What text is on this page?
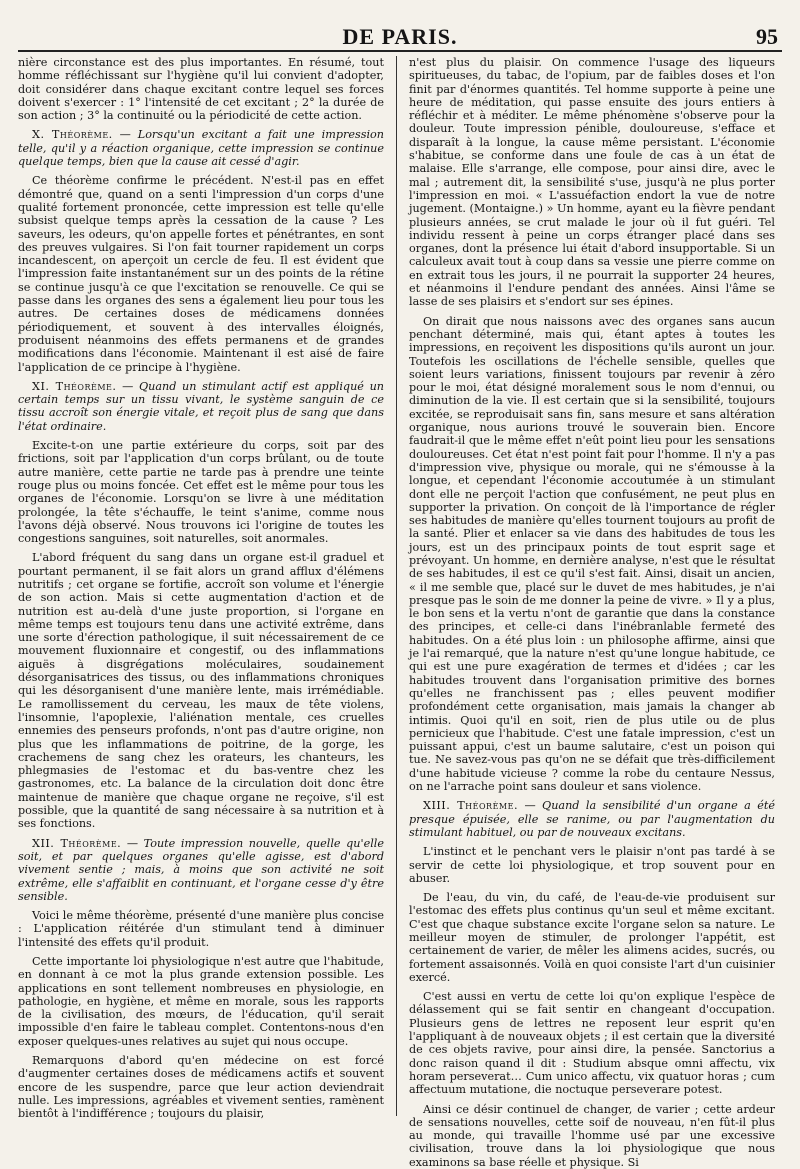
DE PARIS.	95

nière circonstance est des plus importantes. En résumé, tout homme réfléchissant sur l'hygiène qu'il lui convient d'adopter, doit considérer dans chaque excitant contre lequel ses forces doivent s'exercer : 1° l'intensité de cet excitant ; 2° la durée de son action ; 3° la continuité ou la périodicité de cette action.

X. Théorème. — Lorsqu'un excitant a fait une impression telle, qu'il y a réaction organique, cette impression se continue quelque temps, bien que la cause ait cessé d'agir.

Ce théorème confirme le précédent. N'est-il pas en effet démontré que, quand on a senti l'impression d'un corps d'une qualité fortement prononcée, cette impression est telle qu'elle subsist quelque temps après la cessation de la cause ? Les saveurs, les odeurs, qu'on appelle fortes et pénétrantes, en sont des preuves vulgaires. Si l'on fait tourner rapidement un corps incandescent, on aperçoit un cercle de feu. Il est évident que l'impression faite instantanément sur un des points de la rétine se continue jusqu'à ce que l'excitation se renouvelle. Ce qui se passe dans les organes des sens a également lieu pour tous les autres. De certaines doses de médicamens données périodiquement, et souvent à des intervalles éloignés, produisent néanmoins des effets permanens et de grandes modifications dans l'économie. Maintenant il est aisé de faire l'application de ce principe à l'hygiène.

XI. Théorème. — Quand un stimulant actif est appliqué un certain temps sur un tissu vivant, le système sanguin de ce tissu accroît son énergie vitale, et reçoit plus de sang que dans l'état ordinaire.

Excite-t-on une partie extérieure du corps, soit par des frictions, soit par l'application d'un corps brûlant, ou de toute autre manière, cette partie ne tarde pas à prendre une teinte rouge plus ou moins foncée. Cet effet est le même pour tous les organes de l'économie. Lorsqu'on se livre à une méditation prolongée, la tête s'échauffe, le teint s'anime, comme nous l'avons déjà observé. Nous trouvons ici l'origine de toutes les congestions sanguines, soit naturelles, soit anormales.

L'abord fréquent du sang dans un organe est-il graduel et pourtant permanent, il se fait alors un grand afflux d'élémens nutritifs ; cet organe se fortifie, accroît son volume et l'énergie de son action. Mais si cette augmentation d'action et de nutrition est au-delà d'une juste proportion, si l'organe en même temps est toujours tenu dans une activité extrême, dans une sorte d'érection pathologique, il suit nécessairement de ce mouvement fluxionnaire et congestif, ou des inflammations aiguës à disgrégations moléculaires, soudainement désorganisatrices des tissus, ou des inflammations chroniques qui les désorganisent d'une manière lente, mais irrémédiable. Le ramollissement du cerveau, les maux de tête violens, l'insomnie, l'apoplexie, l'aliénation mentale, ces cruelles ennemies des penseurs profonds, n'ont pas d'autre origine, non plus que les inflammations de poitrine, de la gorge, les crachemens de sang chez les orateurs, les chanteurs, les phlegmasies de l'estomac et du bas-ventre chez les gastronomes, etc. La balance de la circulation doit donc être maintenue de manière que chaque organe ne reçoive, s'il est possible, que la quantité de sang nécessaire à sa nutrition et à ses fonctions.

XII. Théorème. — Toute impression nouvelle, quelle qu'elle soit, et par quelques organes qu'elle agisse, est d'abord vivement sentie ; mais, à moins que son activité ne soit extrême, elle s'affaiblit en continuant, et l'organe cesse d'y être sensible.

Voici le même théorème, présenté d'une manière plus concise : L'application réitérée d'un stimulant tend à diminuer l'intensité des effets qu'il produit.

Cette importante loi physiologique n'est autre que l'habitude, en donnant à ce mot la plus grande extension possible. Les applications en sont tellement nombreuses en physiologie, en pathologie, en hygiène, et même en morale, sous les rapports de la civilisation, des mœurs, de l'éducation, qu'il serait impossible d'en faire le tableau complet. Contentons-nous d'en exposer quelques-unes relatives au sujet qui nous occupe.

Remarquons d'abord qu'en médecine on est forcé d'augmenter certaines doses de médicamens actifs et souvent encore de les suspendre, parce que leur action deviendrait nulle. Les impressions, agréables et vivement senties, ramènent bientôt à l'indifférence ; toujours du plaisir,

n'est plus du plaisir. On commence l'usage des liqueurs spiritueuses, du tabac, de l'opium, par de faibles doses et l'on finit par d'énormes quantités. Tel homme supporte à peine une heure de méditation, qui passe ensuite des jours entiers à réfléchir et à méditer. Le même phénomène s'observe pour la douleur. Toute impression pénible, douloureuse, s'efface et disparaît à la longue, la cause même persistant. L'économie s'habitue, se conforme dans une foule de cas à un état de malaise. Elle s'arrange, elle compose, pour ainsi dire, avec le mal ; autrement dit, la sensibilité s'use, jusqu'à ne plus porter l'impression en moi. « L'assuéfaction endort la vue de notre jugement. (Montaigne.) » Un homme, ayant eu la fièvre pendant plusieurs années, se crut malade le jour où il fut guéri. Tel individu ressent à peine un corps étranger placé dans ses organes, dont la présence lui était d'abord insupportable. Si un calculeux avait tout à coup dans sa vessie une pierre comme on en extrait tous les jours, il ne pourrait la supporter 24 heures, et néanmoins il l'endure pendant des années. Ainsi l'âme se lasse de ses plaisirs et s'endort sur ses épines.

On dirait que nous naissons avec des organes sans aucun penchant déterminé, mais qui, étant aptes à toutes les impressions, en reçoivent les dispositions qu'ils auront un jour. Toutefois les oscillations de l'échelle sensible, quelles que soient leurs variations, finissent toujours par revenir à zéro pour le moi, état désigné moralement sous le nom d'ennui, ou diminution de la vie. Il est certain que si la sensibilité, toujours excitée, se reproduisait sans fin, sans mesure et sans altération organique, nous aurions trouvé le souverain bien. Encore faudrait-il que le même effet n'eût point lieu pour les sensations douloureuses. Cet état n'est point fait pour l'homme. Il n'y a pas d'impression vive, physique ou morale, qui ne s'émousse à la longue, et cependant l'économie accoutumée à un stimulant dont elle ne perçoit l'action que confusément, ne peut plus en supporter la privation. On conçoit de là l'importance de régler ses habitudes de manière qu'elles tournent toujours au profit de la santé. Plier et enlacer sa vie dans des habitudes de tous les jours, est un des principaux points de tout esprit sage et prévoyant. Un homme, en dernière analyse, n'est que le résultat de ses habitudes, il est ce qu'il s'est fait. Ainsi, disait un ancien, « il me semble que, placé sur le duvet de mes habitudes, je n'ai presque pas le soin de me donner la peine de vivre. » Il y a plus, le bon sens et la vertu n'ont de garantie que dans la constance des principes, et celle-ci dans l'inébranlable fermeté des habitudes. On a été plus loin : un philosophe affirme, ainsi que je l'ai remarqué, que la nature n'est qu'une longue habitude, ce qui est une pure exagération de termes et d'idées ; car les habitudes trouvent dans l'organisation primitive des bornes qu'elles ne franchissent pas ; elles peuvent modifier profondément cette organisation, mais jamais la changer ab intimis. Quoi qu'il en soit, rien de plus utile ou de plus pernicieux que l'habitude. C'est une fatale impression, c'est un puissant appui, c'est un baume salutaire, c'est un poison qui tue. Ne savez-vous pas qu'on ne se défait que très-difficilement d'une habitude vicieuse ? comme la robe du centaure Nessus, on ne l'arrache point sans douleur et sans violence.

XIII. Théorème. — Quand la sensibilité d'un organe a été presque épuisée, elle se ranime, ou par l'augmentation du stimulant habituel, ou par de nouveaux excitans.

L'instinct et le penchant vers le plaisir n'ont pas tardé à se servir de cette loi physiologique, et trop souvent pour en abuser.

De l'eau, du vin, du café, de l'eau-de-vie produisent sur l'estomac des effets plus continus qu'un seul et même excitant. C'est que chaque substance excite l'organe selon sa nature. Le meilleur moyen de stimuler, de prolonger l'appétit, est certainement de varier, de mêler les alimens acides, sucrés, ou fortement assaisonnés. Voilà en quoi consiste l'art d'un cuisinier exercé.

C'est aussi en vertu de cette loi qu'on explique l'espèce de délassement qui se fait sentir en changeant d'occupation. Plusieurs gens de lettres ne reposent leur esprit qu'en l'appliquant à de nouveaux objets ; il est certain que la diversité de ces objets ravive, pour ainsi dire, la pensée. Sanctorius a donc raison quand il dit : Studium absque omni affectu, vix horam perseverat… Cum unico affectu, vix quatuor horas ; cum affectuum mutatione, die noctuque perseverare potest.

Ainsi ce désir continuel de changer, de varier ; cette ardeur de sensations nouvelles, cette soif de nouveau, n'en fût-il plus au monde, qui travaille l'homme usé par une excessive civilisation, trouve dans la loi physiologique que nous examinons sa base réelle et physique. Si
